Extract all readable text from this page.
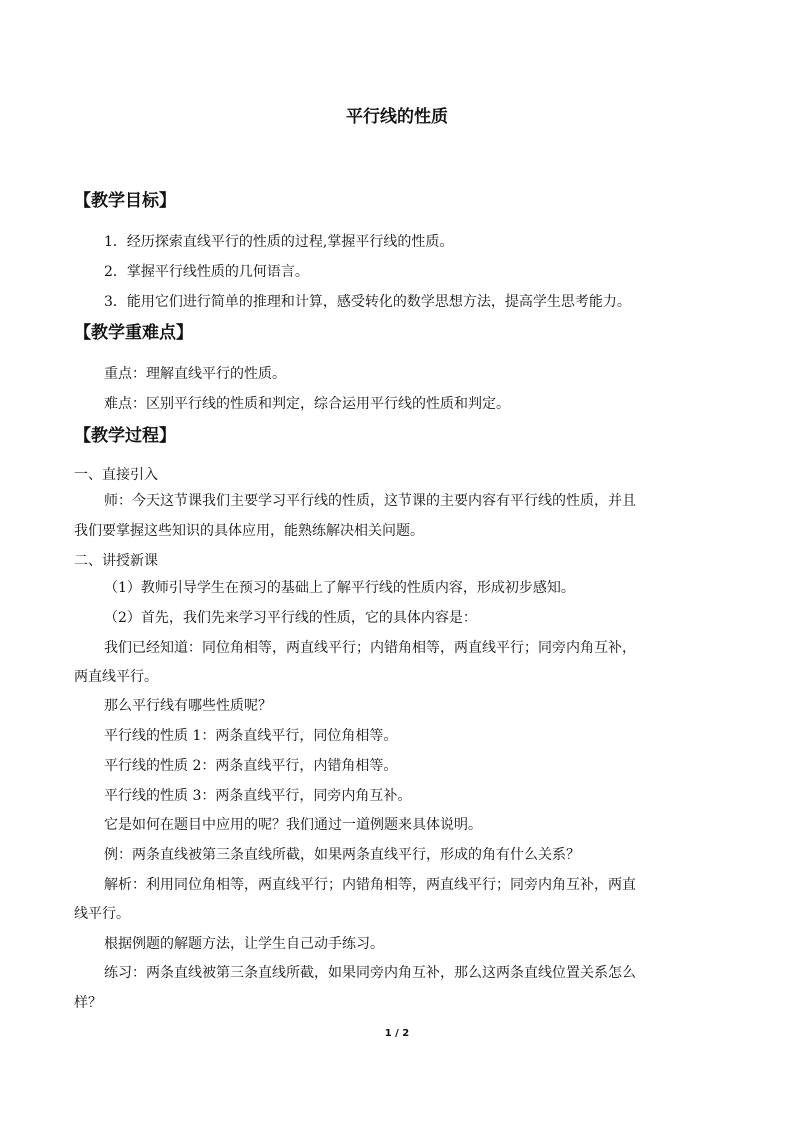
平行线的性质
【教学目标】
1．经历探索直线平行的性质的过程,掌握平行线的性质。
2．掌握平行线性质的几何语言。
3．能用它们进行简单的推理和计算，感受转化的数学思想方法，提高学生思考能力。
【教学重难点】
重点：理解直线平行的性质。
难点：区别平行线的性质和判定，综合运用平行线的性质和判定。
【教学过程】
一、直接引入
师：今天这节课我们主要学习平行线的性质，这节课的主要内容有平行线的性质，并且
我们要掌握这些知识的具体应用，能熟练解决相关问题。
二、讲授新课
（1）教师引导学生在预习的基础上了解平行线的性质内容，形成初步感知。
（2）首先，我们先来学习平行线的性质，它的具体内容是：
我们已经知道：同位角相等，两直线平行；内错角相等，两直线平行；同旁内角互补，
两直线平行。
那么平行线有哪些性质呢？
平行线的性质 1：两条直线平行，同位角相等。
平行线的性质 2：两条直线平行，内错角相等。
平行线的性质 3：两条直线平行，同旁内角互补。
它是如何在题目中应用的呢？我们通过一道例题来具体说明。
例：两条直线被第三条直线所截，如果两条直线平行，形成的角有什么关系？
解析：利用同位角相等，两直线平行；内错角相等，两直线平行；同旁内角互补，两直
线平行。
根据例题的解题方法，让学生自己动手练习。
练习：两条直线被第三条直线所截，如果同旁内角互补，那么这两条直线位置关系怎么
样？
1 / 2
